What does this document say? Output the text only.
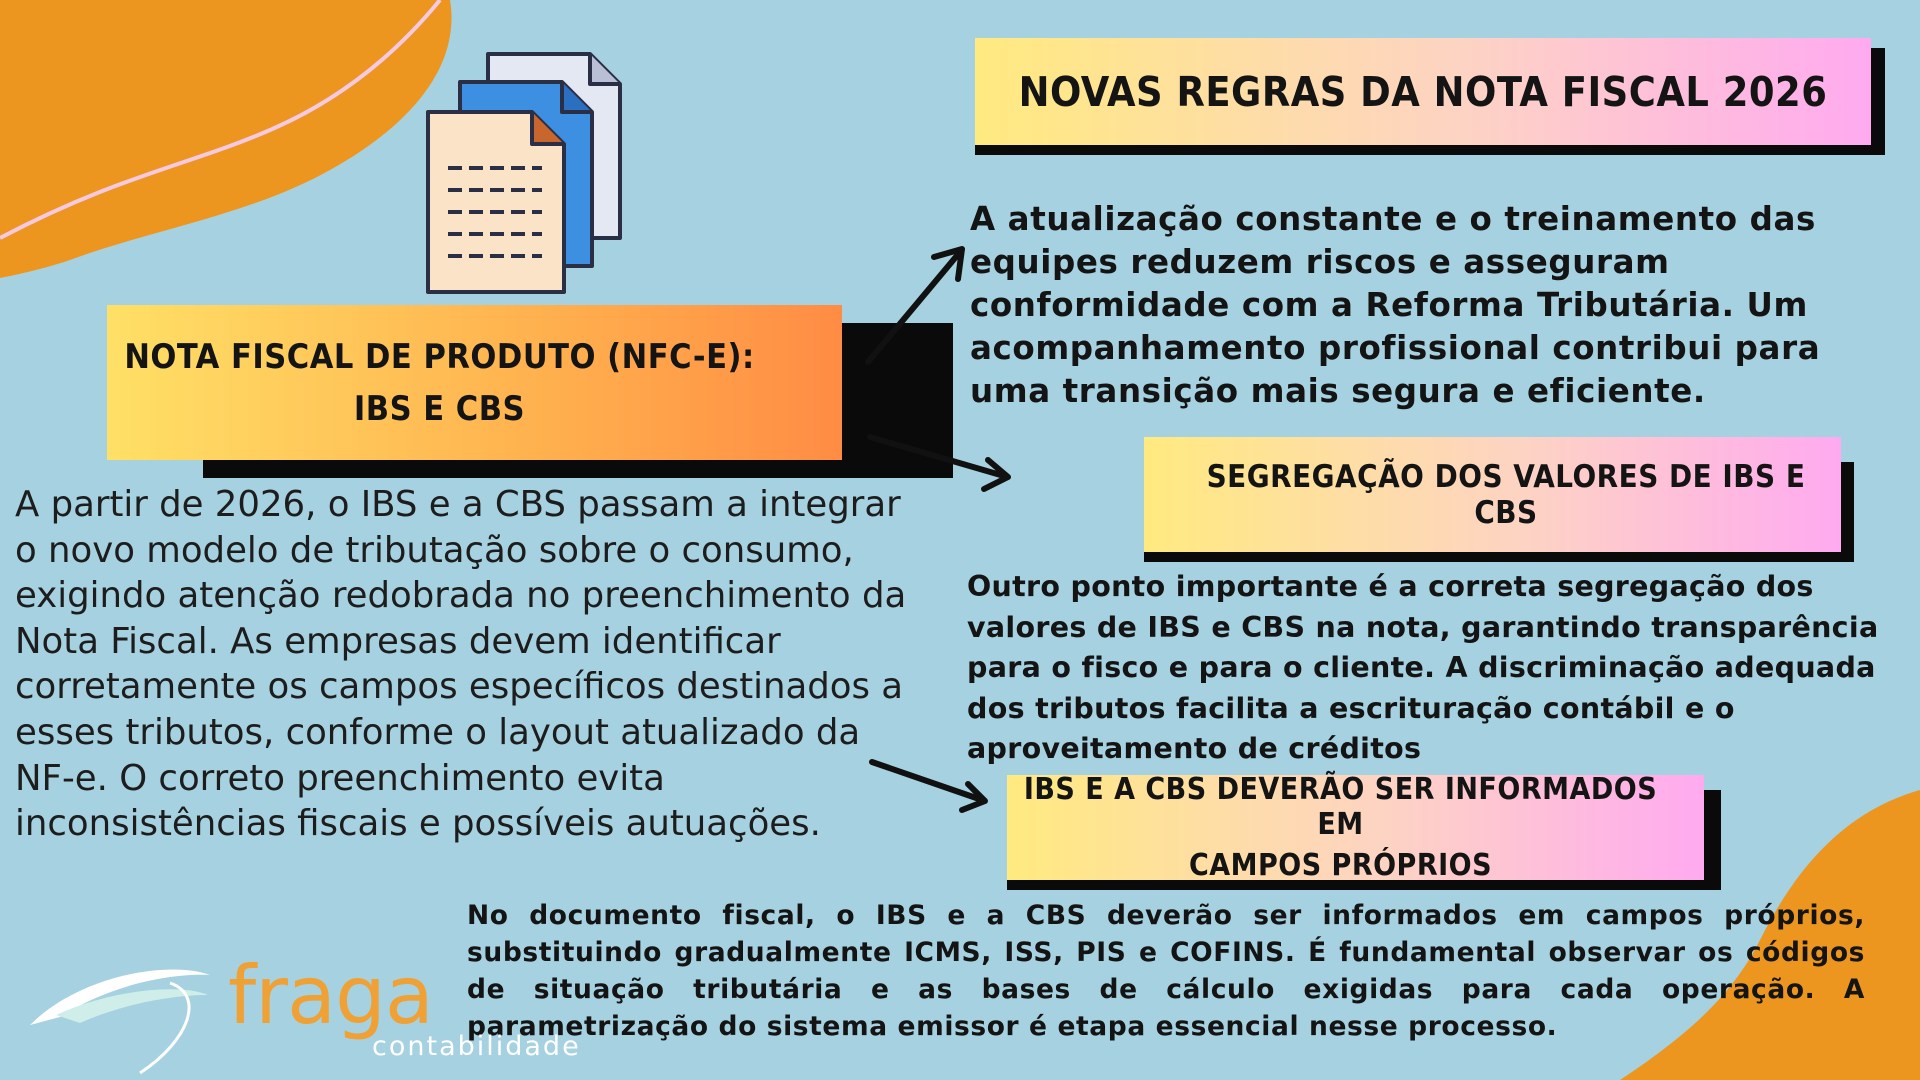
NOVAS REGRAS DA NOTA FISCAL 2026
NOTA FISCAL DE PRODUTO (NFC-E):
IBS E CBS
SEGREGAÇÃO DOS VALORES DE IBS E CBS
IBS E A CBS DEVERÃO SER INFORMADOS EM
CAMPOS PRÓPRIOS

A atualização constante e o treinamento das equipes reduzem riscos e asseguram conformidade com a Reforma Tributária. Um acompanhamento profissional contribui para uma transição mais segura e eficiente.

A partir de 2026, o IBS e a CBS passam a integrar o novo modelo de tributação sobre o consumo, exigindo atenção redobrada no preenchimento da Nota Fiscal. As empresas devem identificar corretamente os campos específicos destinados a esses tributos, conforme o layout atualizado da NF-e. O correto preenchimento evita inconsistências fiscais e possíveis autuações.

Outro ponto importante é a correta segregação dos valores de IBS e CBS na nota, garantindo transparência para o fisco e para o cliente. A discriminação adequada dos tributos facilita a escrituração contábil e o aproveitamento de créditos

No documento fiscal, o IBS e a CBS deverão ser informados em campos próprios, substituindo gradualmente ICMS, ISS, PIS e COFINS. É fundamental observar os códigos de situação tributária e as bases de cálculo exigidas para cada operação. A parametrização do sistema emissor é etapa essencial nesse processo.

fraga

contabilidade
